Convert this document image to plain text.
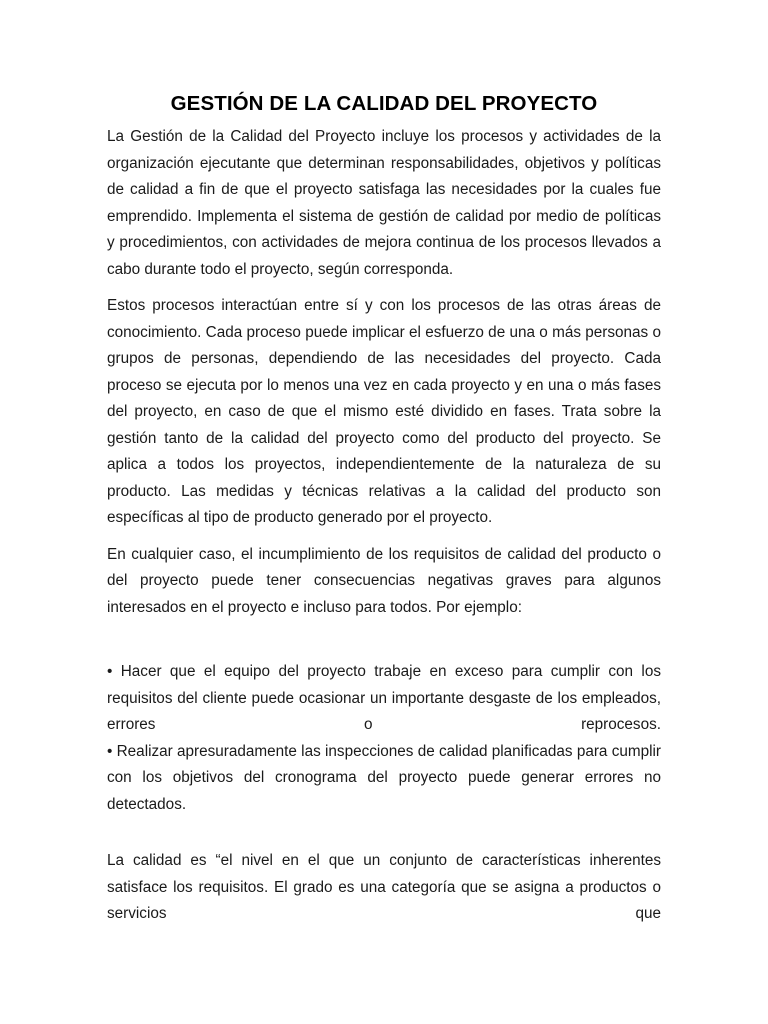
GESTIÓN DE LA CALIDAD DEL PROYECTO

La Gestión de la Calidad del Proyecto incluye los procesos y actividades de la organización ejecutante que determinan responsabilidades, objetivos y políticas de calidad a fin de que el proyecto satisfaga las necesidades por la cuales fue emprendido. Implementa el sistema de gestión de calidad por medio de políticas y procedimientos, con actividades de mejora continua de los procesos llevados a cabo durante todo el proyecto, según corresponda.

Estos procesos interactúan entre sí y con los procesos de las otras áreas de conocimiento. Cada proceso puede implicar el esfuerzo de una o más personas o grupos de personas, dependiendo de las necesidades del proyecto. Cada proceso se ejecuta por lo menos una vez en cada proyecto y en una o más fases del proyecto, en caso de que el mismo esté dividido en fases. Trata sobre la gestión tanto de la calidad del proyecto como del producto del proyecto. Se aplica a todos los proyectos, independientemente de la naturaleza de su producto. Las medidas y técnicas relativas a la calidad del producto son específicas al tipo de producto generado por el proyecto.

En cualquier caso, el incumplimiento de los requisitos de calidad del producto o del proyecto puede tener consecuencias negativas graves para algunos interesados en el proyecto e incluso para todos. Por ejemplo:

• Hacer que el equipo del proyecto trabaje en exceso para cumplir con los requisitos del cliente puede ocasionar un importante desgaste de los empleados, errores o reprocesos.

• Realizar apresuradamente las inspecciones de calidad planificadas para cumplir con los objetivos del cronograma del proyecto puede generar errores no detectados.

La calidad es “el nivel en el que un conjunto de características inherentes satisface los requisitos. El grado es una categoría que se asigna a productos o servicios que
